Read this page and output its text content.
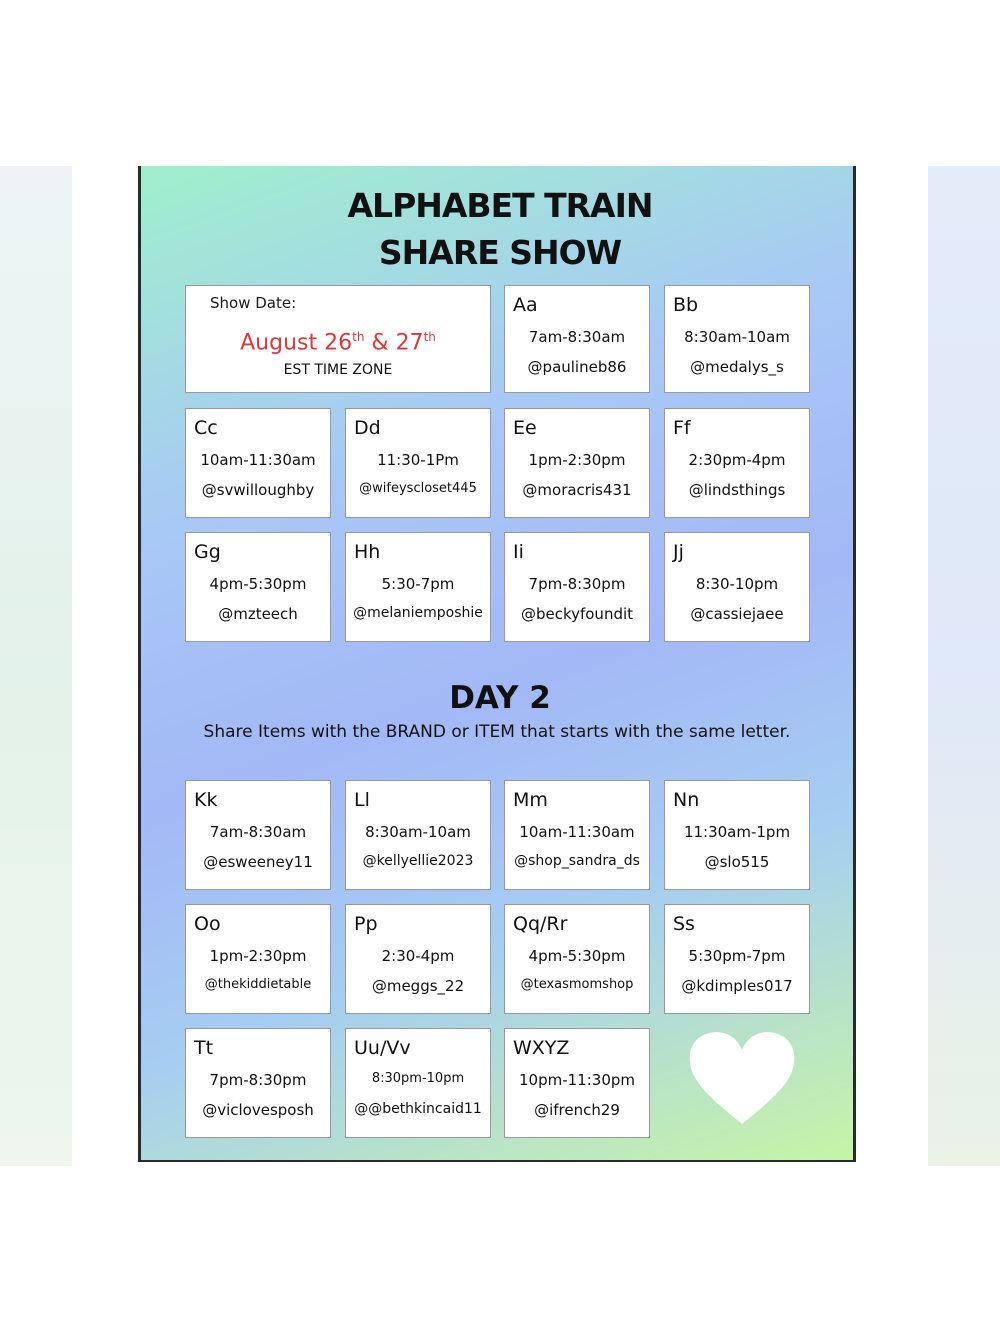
ALPHABET TRAIN
SHARE SHOW
Show Date:
August 26th & 27th
EST TIME ZONE
Aa
7am-8:30am
@paulineb86
Bb
8:30am-10am
@medalys_s
Cc
10am-11:30am
@svwilloughby
Dd
11:30-1Pm
@wifeyscloset445
Ee
1pm-2:30pm
@moracris431
Ff
2:30pm-4pm
@lindsthings
Gg
4pm-5:30pm
@mzteech
Hh
5:30-7pm
@melaniemposhie
Ii
7pm-8:30pm
@beckyfoundit
Jj
8:30-10pm
@cassiejaee
DAY 2
Share Items with the BRAND or ITEM that starts with the same letter.
Kk
7am-8:30am
@esweeney11
Ll
8:30am-10am
@kellyellie2023
Mm
10am-11:30am
@shop_sandra_ds
Nn
11:30am-1pm
@slo515
Oo
1pm-2:30pm
@thekiddietable
Pp
2:30-4pm
@meggs_22
Qq/Rr
4pm-5:30pm
@texasmomshop
Ss
5:30pm-7pm
@kdimples017
Tt
7pm-8:30pm
@viclovesposh
Uu/Vv
8:30pm-10pm
@@bethkincaid11
WXYZ
10pm-11:30pm
@ifrench29
